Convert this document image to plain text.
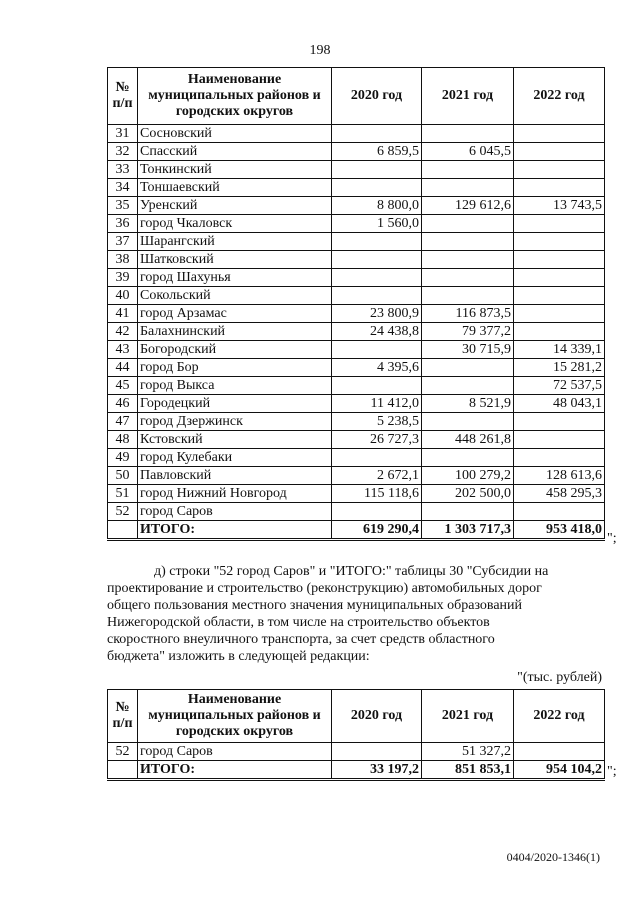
198
№ п/п	Наименование муниципальных районов и городских округов	2020 год	2021 год	2022 год
31	Сосновский			
32	Спасский	6 859,5	6 045,5	
33	Тонкинский			
34	Тоншаевский			
35	Уренский	8 800,0	129 612,6	13 743,5
36	город Чкаловск	1 560,0		
37	Шарангский			
38	Шатковский			
39	город Шахунья			
40	Сокольский			
41	город Арзамас	23 800,9	116 873,5	
42	Балахнинский	24 438,8	79 377,2	
43	Богородский		30 715,9	14 339,1
44	город Бор	4 395,6		15 281,2
45	город Выкса			72 537,5
46	Городецкий	11 412,0	8 521,9	48 043,1
47	город Дзержинск	5 238,5		
48	Кстовский	26 727,3	448 261,8	
49	город Кулебаки			
50	Павловский	2 672,1	100 279,2	128 613,6
51	город Нижний Новгород	115 118,6	202 500,0	458 295,3
52	город Саров			
	ИТОГО:	619 290,4	1 303 717,3	953 418,0
";
д) строки "52 город Саров" и "ИТОГО:" таблицы 30 "Субсидии на
проектирование и строительство (реконструкцию) автомобильных дорог
общего пользования местного значения муниципальных образований
Нижегородской области, в том числе на строительство объектов
скоростного внеуличного транспорта, за счет средств областного
бюджета" изложить в следующей редакции:
"(тыс. рублей)
№ п/п	Наименование муниципальных районов и городских округов	2020 год	2021 год	2022 год
52	город Саров		51 327,2	
	ИТОГО:	33 197,2	851 853,1	954 104,2 ";
0404/2020-1346(1)
